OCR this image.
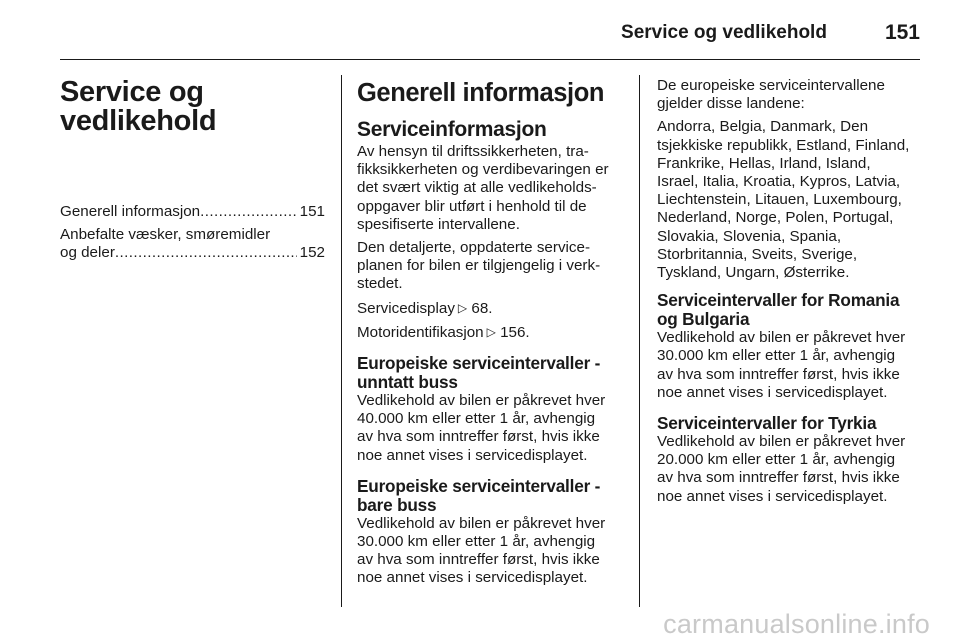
Service og vedlikehold	151
Service og
vedlikehold
Generell informasjon .....	151
Anbefalte væsker, smøremidler
og deler .....	152
Generell informasjon
Serviceinformasjon

Av hensyn til driftssikkerheten, tra-
fikksikkerheten og verdibevaringen er
det svært viktig at alle vedlikeholds-
oppgaver blir utført i henhold til de
spesifiserte intervallene.

Den detaljerte, oppdaterte service-
planen for bilen er tilgjengelig i verk-
stedet.

Servicedisplay ▷ 68.

Motoridentifikasjon ▷ 156.

Europeiske serviceintervaller -
unntatt buss

Vedlikehold av bilen er påkrevet hver
40.000 km eller etter 1 år, avhengig
av hva som inntreffer først, hvis ikke
noe annet vises i servicedisplayet.

Europeiske serviceintervaller -
bare buss

Vedlikehold av bilen er påkrevet hver
30.000 km eller etter 1 år, avhengig
av hva som inntreffer først, hvis ikke
noe annet vises i servicedisplayet.

De europeiske serviceintervallene
gjelder disse landene:

Andorra, Belgia, Danmark, Den
tsjekkiske republikk, Estland, Finland,
Frankrike, Hellas, Irland, Island,
Israel, Italia, Kroatia, Kypros, Latvia,
Liechtenstein, Litauen, Luxembourg,
Nederland, Norge, Polen, Portugal,
Slovakia, Slovenia, Spania,
Storbritannia, Sveits, Sverige,
Tyskland, Ungarn, Østerrike.

Serviceintervaller for Romania
og Bulgaria

Vedlikehold av bilen er påkrevet hver
30.000 km eller etter 1 år, avhengig
av hva som inntreffer først, hvis ikke
noe annet vises i servicedisplayet.

Serviceintervaller for Tyrkia

Vedlikehold av bilen er påkrevet hver
20.000 km eller etter 1 år, avhengig
av hva som inntreffer først, hvis ikke
noe annet vises i servicedisplayet.

carmanualsonline.info
